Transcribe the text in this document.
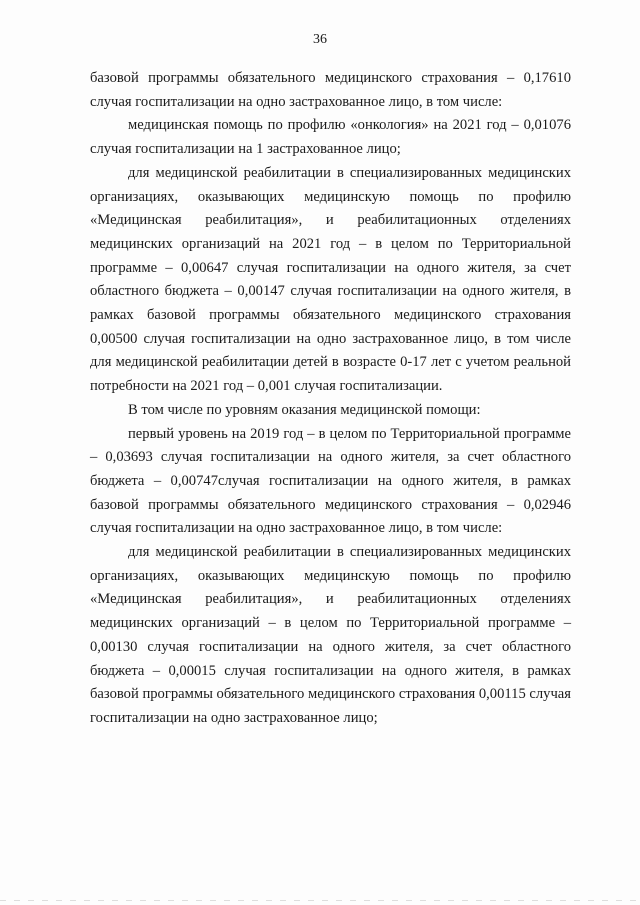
36

базовой программы обязательного медицинского страхования – 0,17610 случая госпитализации на одно застрахованное лицо, в том числе:

медицинская помощь по профилю «онкология» на 2021 год – 0,01076 случая госпитализации на 1 застрахованное лицо;

для медицинской реабилитации в специализированных медицинских организациях, оказывающих медицинскую помощь по профилю «Медицинская реабилитация», и реабилитационных отделениях медицинских организаций на 2021 год – в целом по Территориальной программе – 0,00647 случая госпитализации на одного жителя, за счет областного бюджета – 0,00147 случая госпитализации на одного жителя, в рамках базовой программы обязательного медицинского страхования 0,00500 случая госпитализации на одно застрахованное лицо, в том числе для медицинской реабилитации детей в возрасте 0-17 лет с учетом реальной потребности на 2021 год – 0,001 случая госпитализации.

В том числе по уровням оказания медицинской помощи:

первый уровень на 2019 год – в целом по Территориальной программе – 0,03693 случая госпитализации на одного жителя, за счет областного бюджета – 0,00747случая госпитализации на одного жителя, в рамках базовой программы обязательного медицинского страхования – 0,02946 случая госпитализации на одно застрахованное лицо, в том числе:

для медицинской реабилитации в специализированных медицинских организациях, оказывающих медицинскую помощь по профилю «Медицинская реабилитация», и реабилитационных отделениях медицинских организаций – в целом по Территориальной программе – 0,00130 случая госпитализации на одного жителя, за счет областного бюджета – 0,00015 случая госпитализации на одного жителя, в рамках базовой программы обязательного медицинского страхования 0,00115 случая госпитализации на одно застрахованное лицо;
